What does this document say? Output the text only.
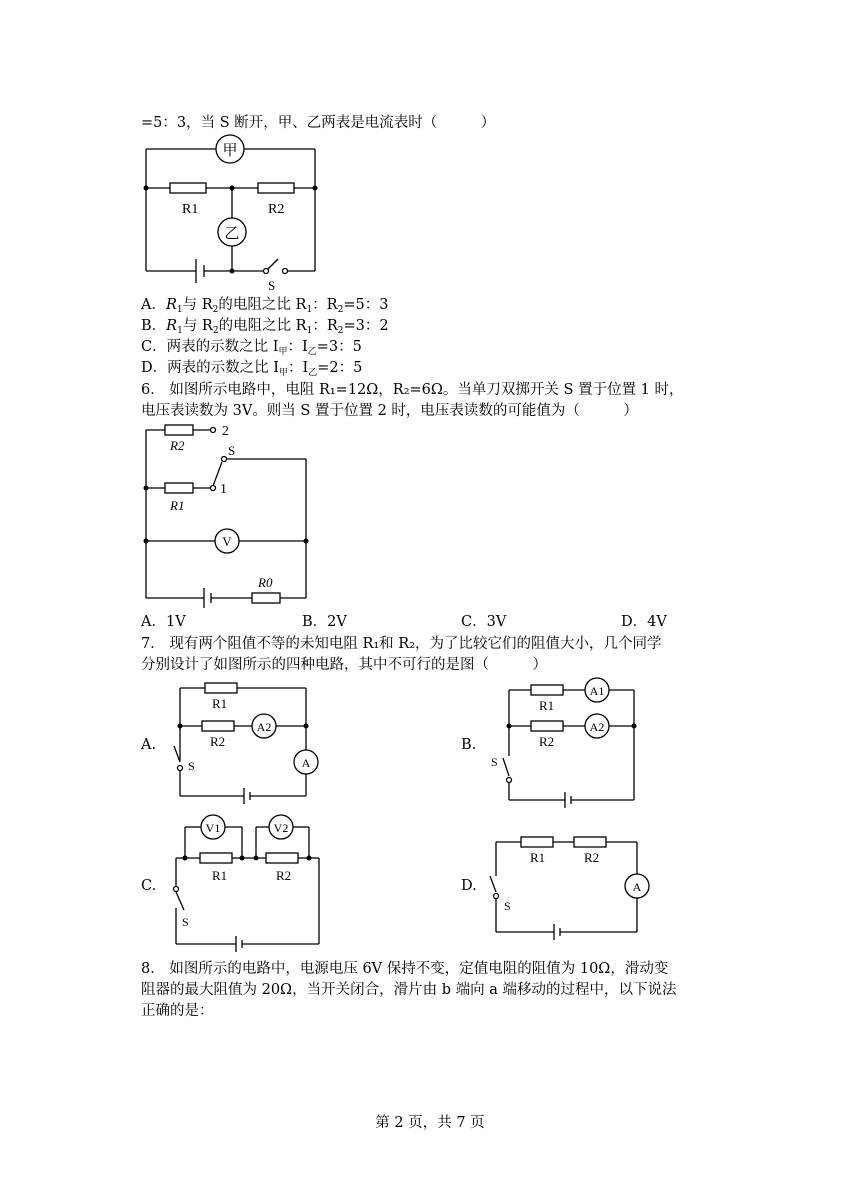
=5：3，当 S 断开，甲、乙两表是电流表时（　　　）
甲
R1	R2
乙
S
A．$R_1$与 $R_2$的电阻之比 $R_1$：$R_2=5$：3
B．$R_1$与 $R_2$的电阻之比 $R_1$：$R_2=3$：2
C．两表的示数之比 $I_甲$：$I_乙=3$：5
D．两表的示数之比 $I_甲$：$I_乙=2$：5
6． 如图所示电路中，电阻 R₁=12Ω，R₂=6Ω。当单刀双掷开关 S 置于位置 1 时，
电压表读数为 3V。则当 S 置于位置 2 时，电压表读数的可能值为（　　　）
2
R2
1
R1
S
V
R0
A．1V	B．2V	C．3V	D．4V
7． 现有两个阻值不等的未知电阻 R₁和 R₂，为了比较它们的阻值大小，几个同学
分别设计了如图所示的四种电路，其中不可行的是图（　　　）
A.
R1
R2
A2
A
S
B.
R1
A1
R2
A2
S
C.
V1	V2
R1	R2
S
D.
R1	R2
A
S
8． 如图所示的电路中，电源电压 6V 保持不变，定值电阻的阻值为 10Ω，滑动变
阻器的最大阻值为 20Ω，当开关闭合，滑片由 b 端向 a 端移动的过程中，以下说法
正确的是：
第 2 页，共 7 页
